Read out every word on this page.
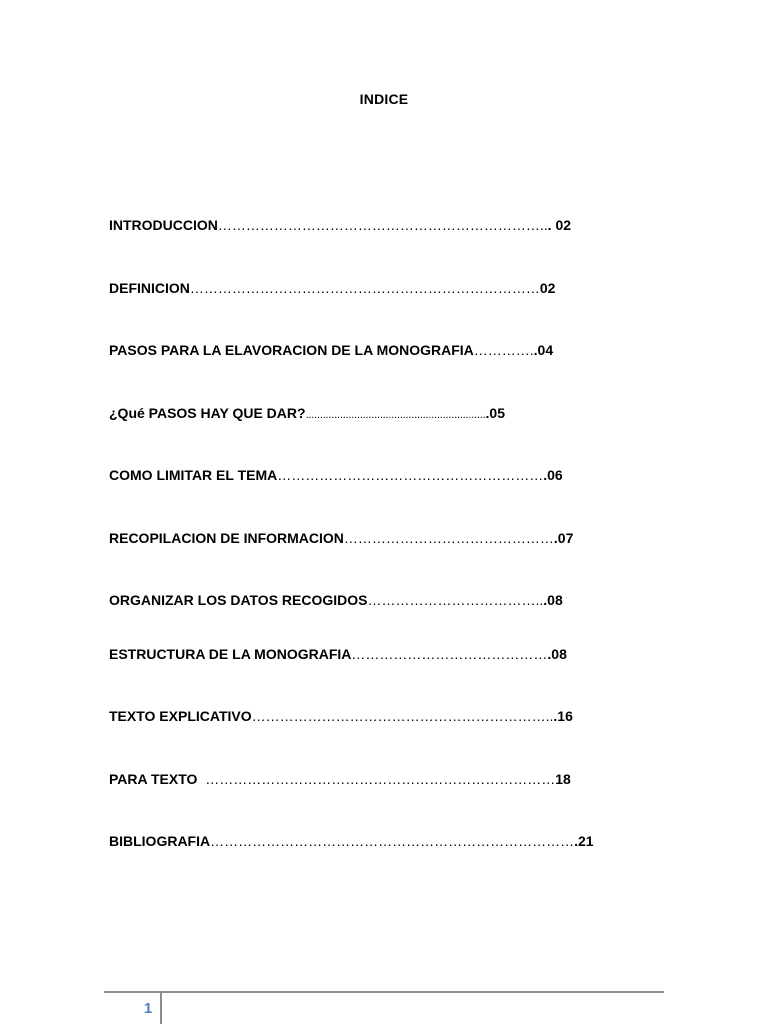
INDICE
INTRODUCCION……………………………………………………………... 02
DEFINICION…………………………………………………………………02
PASOS PARA LA ELAVORACION DE LA MONOGRAFIA…………..04
¿Qué PASOS HAY QUE DAR?................................................................05
COMO LIMITAR EL TEMA………………………………………………….06
RECOPILACION DE INFORMACION……………………………………….07
ORGANIZAR LOS DATOS RECOGIDOS………………………………...08
ESTRUCTURA DE LA MONOGRAFIA…………………………………….08
TEXTO EXPLICATIVO………………………………………………………...16
PARA TEXTO  …………………………………………………………………18
BIBLIOGRAFIA…………………………………………………………………….21
1
